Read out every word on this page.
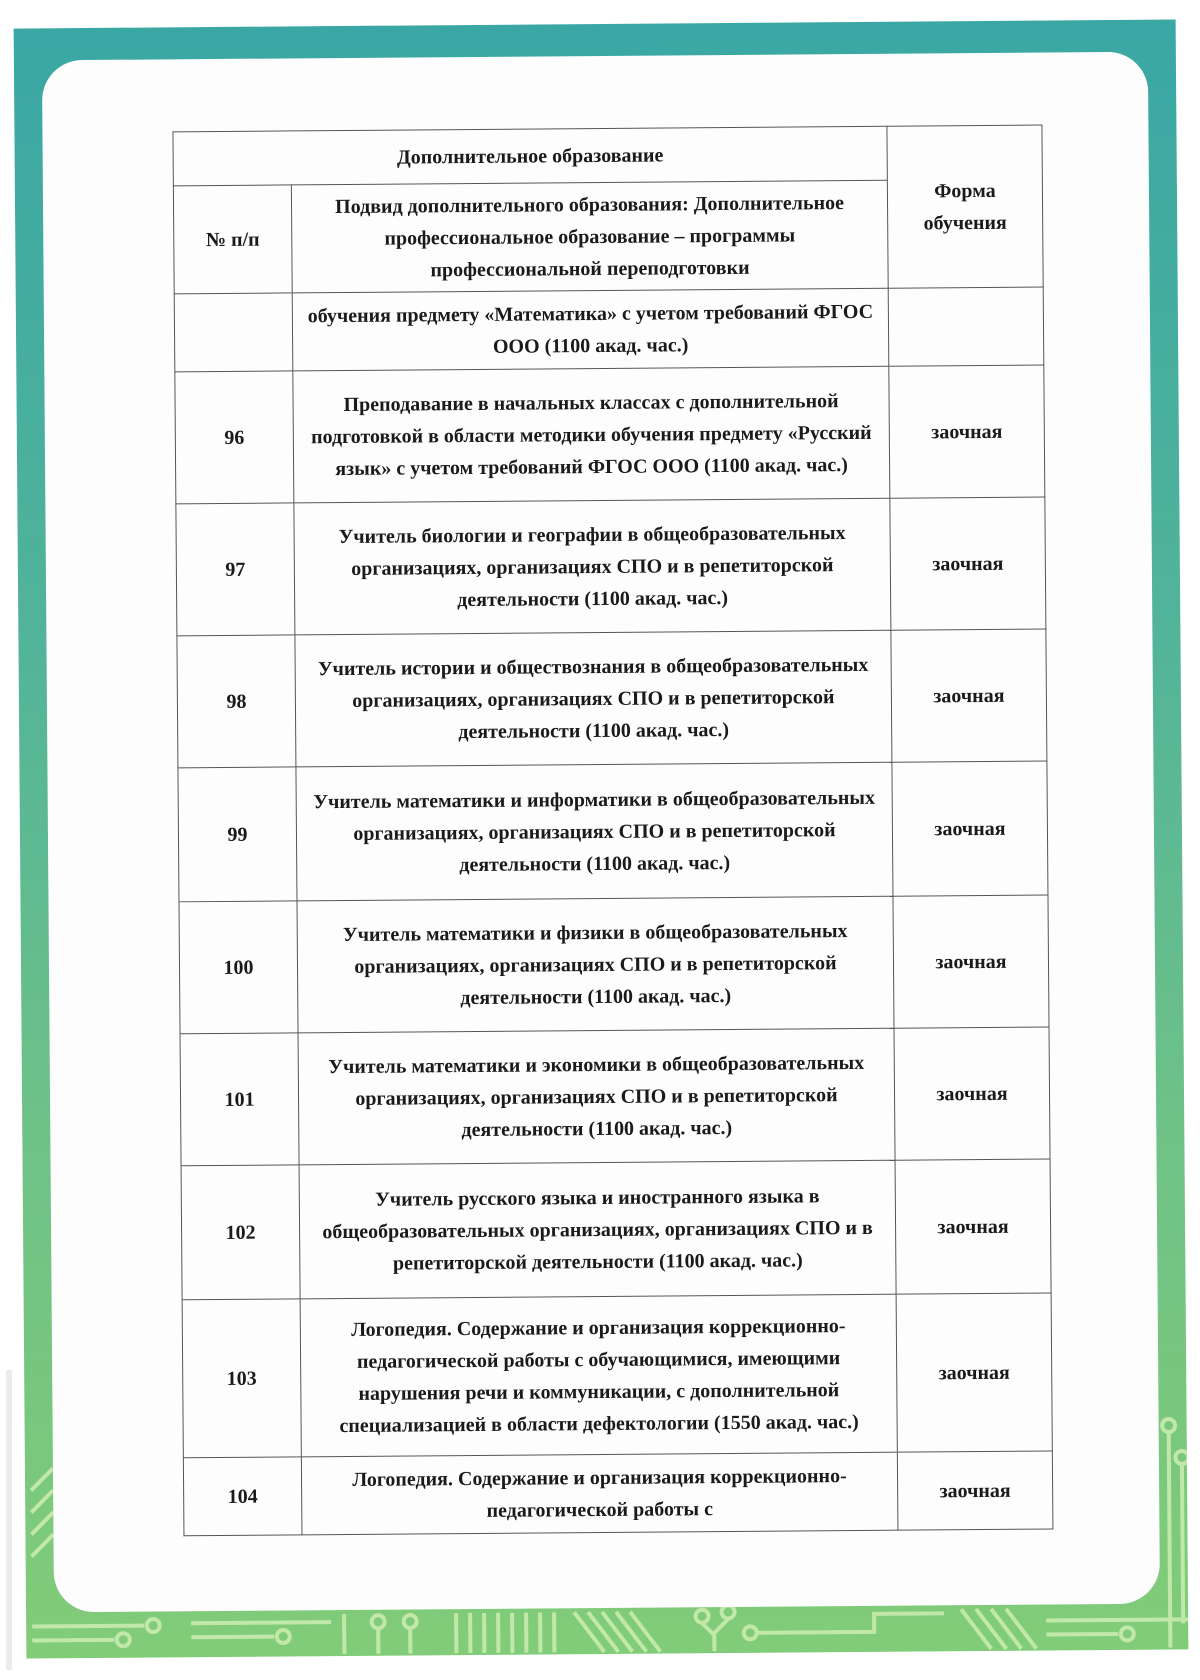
Дополнительное образование		Форма обучения
№ п/п	Подвид дополнительного образования: Дополнительное профессиональное образование – программы профессиональной переподготовки	
	обучения предмету «Математика» с учетом требований ФГОС ООО (1100 акад. час.)	
96	Преподавание в начальных классах с дополнительной подготовкой в области методики обучения предмету «Русский язык» с учетом требований ФГОС ООО (1100 акад. час.)	заочная
97	Учитель биологии и географии в общеобразовательных организациях, организациях СПО и в репетиторской деятельности (1100 акад. час.)	заочная
98	Учитель истории и обществознания в общеобразовательных организациях, организациях СПО и в репетиторской деятельности (1100 акад. час.)	заочная
99	Учитель математики и информатики в общеобразовательных организациях, организациях СПО и в репетиторской деятельности (1100 акад. час.)	заочная
100	Учитель математики и физики в общеобразовательных организациях, организациях СПО и в репетиторской деятельности (1100 акад. час.)	заочная
101	Учитель математики и экономики в общеобразовательных организациях, организациях СПО и в репетиторской деятельности (1100 акад. час.)	заочная
102	Учитель русского языка и иностранного языка в общеобразовательных организациях, организациях СПО и в репетиторской деятельности (1100 акад. час.)	заочная
103	Логопедия. Содержание и организация коррекционно-педагогической работы с обучающимися, имеющими нарушения речи и коммуникации, с дополнительной специализацией в области дефектологии (1550 акад. час.)	заочная
104	Логопедия. Содержание и организация коррекционно-педагогической работы с	заочная
